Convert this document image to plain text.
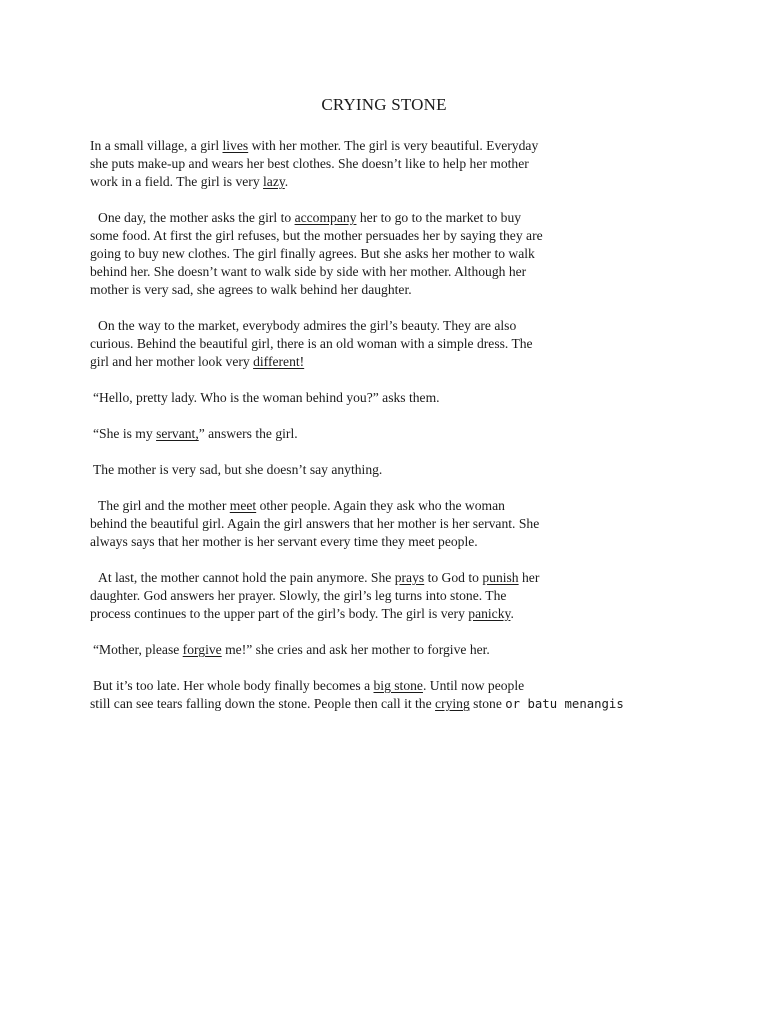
CRYING STONE

In a small village, a girl lives with her mother. The girl is very beautiful. Everyday
she puts make-up and wears her best clothes. She doesn’t like to help her mother
work in a field. The girl is very lazy.

One day, the mother asks the girl to accompany her to go to the market to buy
some food. At first the girl refuses, but the mother persuades her by saying they are
going to buy new clothes. The girl finally agrees. But she asks her mother to walk
behind her. She doesn’t want to walk side by side with her mother. Although her
mother is very sad, she agrees to walk behind her daughter.

On the way to the market, everybody admires the girl’s beauty. They are also
curious. Behind the beautiful girl, there is an old woman with a simple dress. The
girl and her mother look very different!

“Hello, pretty lady. Who is the woman behind you?” asks them.

“She is my servant,” answers the girl.

The mother is very sad, but she doesn’t say anything.

The girl and the mother meet other people. Again they ask who the woman
behind the beautiful girl. Again the girl answers that her mother is her servant. She
always says that her mother is her servant every time they meet people.

At last, the mother cannot hold the pain anymore. She prays to God to punish her
daughter. God answers her prayer. Slowly, the girl’s leg turns into stone. The
process continues to the upper part of the girl’s body. The girl is very panicky.

“Mother, please forgive me!” she cries and ask her mother to forgive her.

But it’s too late. Her whole body finally becomes a big stone. Until now people
still can see tears falling down the stone. People then call it the crying stone or batu menangis
